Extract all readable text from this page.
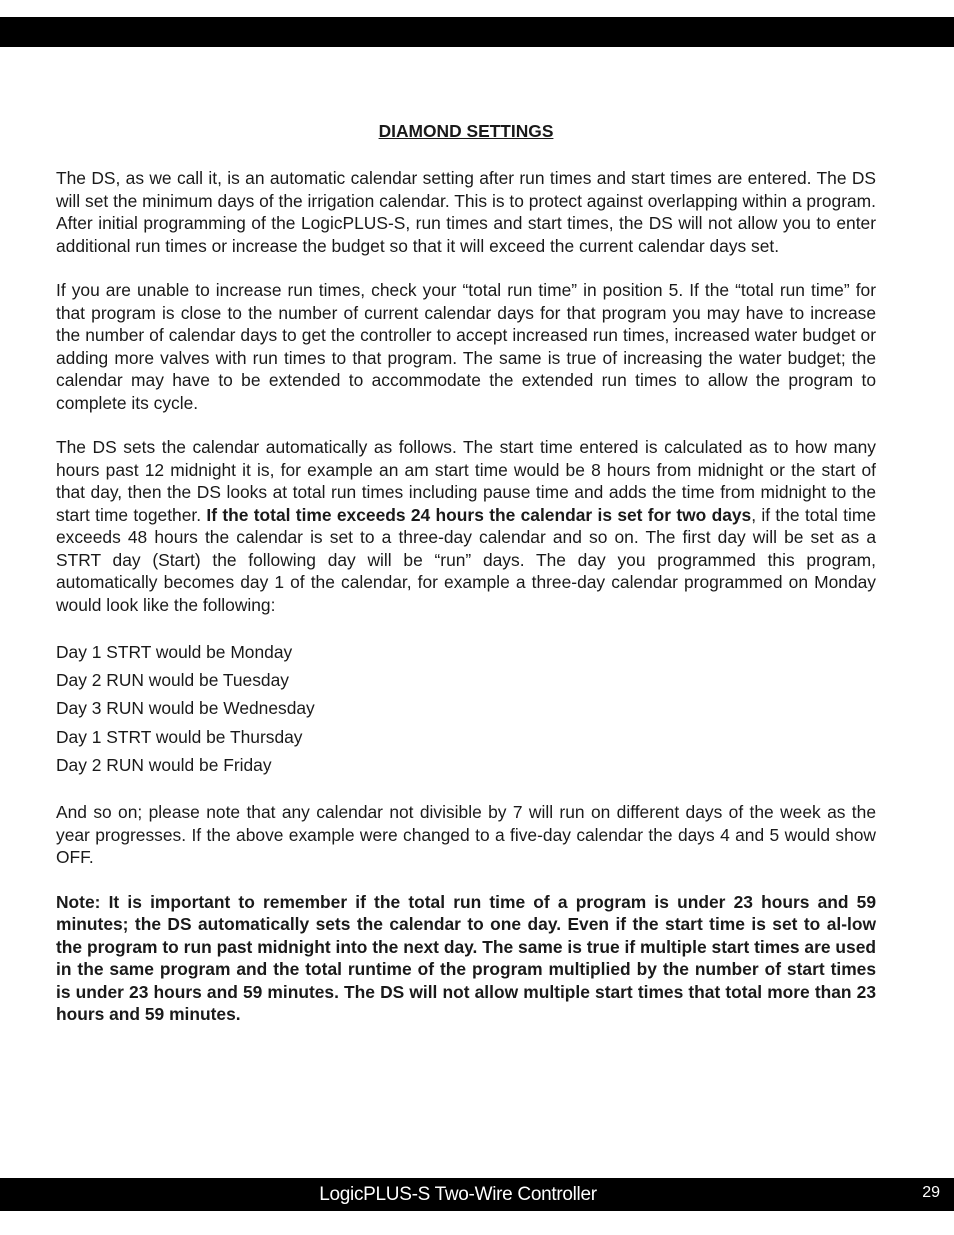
DIAMOND SETTINGS

The DS, as we call it, is an automatic calendar setting after run times and start times are entered. The DS will set the minimum days of the irrigation calendar. This is to protect against overlapping within a program. After initial programming of the LogicPLUS-S, run times and start times, the DS will not allow you to enter additional run times or increase the budget so that it will exceed the current calendar days set.

If you are unable to increase run times, check your “total run time” in position 5. If the “total run time” for that program is close to the number of current calendar days for that program you may have to increase the number of calendar days to get the controller to accept increased run times, increased water budget or adding more valves with run times to that program. The same is true of increasing the water budget; the calendar may have to be extended to accommodate the extended run times to allow the program to complete its cycle.

The DS sets the calendar automatically as follows. The start time entered is calculated as to how many hours past 12 midnight it is, for example an am start time would be 8 hours from midnight or the start of that day, then the DS looks at total run times including pause time and adds the time from midnight to the start time together. If the total time exceeds 24 hours the calendar is set for two days, if the total time exceeds 48 hours the calendar is set to a three-day calendar and so on. The first day will be set as a STRT day (Start) the following day will be “run” days. The day you programmed this program, automatically becomes day 1 of the calendar, for example a three-day calendar programmed on Monday would look like the following:

Day 1 STRT would be Monday
Day 2 RUN would be Tuesday
Day 3 RUN would be Wednesday
Day 1 STRT would be Thursday
Day 2 RUN would be Friday

And so on; please note that any calendar not divisible by 7 will run on different days of the week as the year progresses. If the above example were changed to a five-day calendar the days 4 and 5 would show OFF.

Note: It is important to remember if the total run time of a program is under 23 hours and 59 minutes; the DS automatically sets the calendar to one day. Even if the start time is set to al-low the program to run past midnight into the next day. The same is true if multiple start times are used in the same program and the total runtime of the program multiplied by the number of start times is under 23 hours and 59 minutes. The DS will not allow multiple start times that total more than 23 hours and 59 minutes.

LogicPLUS-S Two-Wire Controller	29
